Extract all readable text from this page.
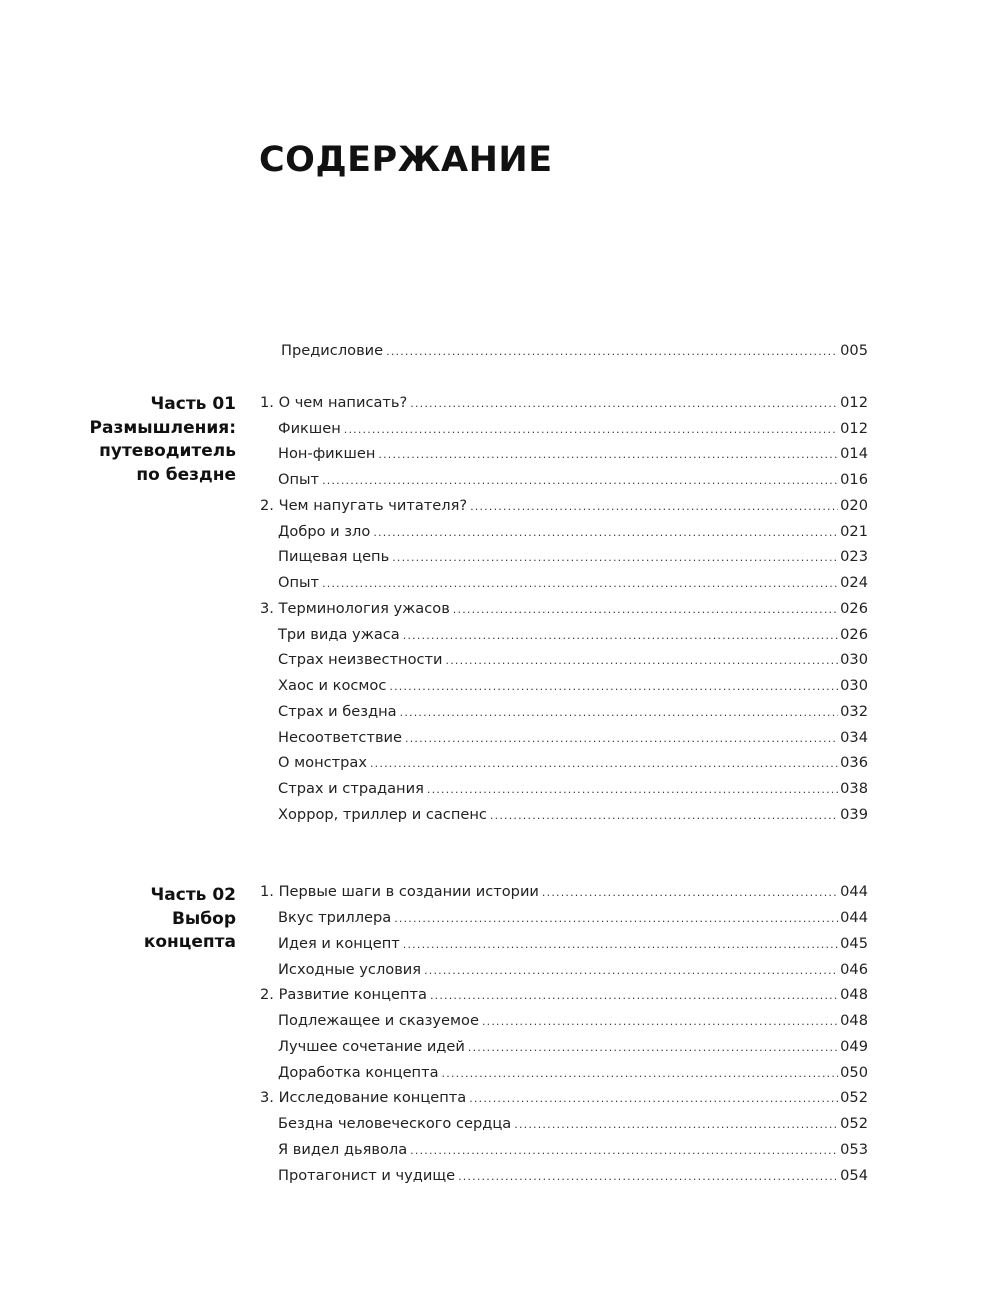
СОДЕРЖАНИЕ
Предисловие .....	005
Часть 01
Размышления:
путеводитель
по бездне
1. О чем написать? .....	012
Фикшен .....	012
Нон-фикшен .....	014
Опыт .....	016
2. Чем напугать читателя? .....	020
Добро и зло .....	021
Пищевая цепь .....	023
Опыт .....	024
3. Терминология ужасов .....	026
Три вида ужаса .....	026
Страх неизвестности .....	030
Хаос и космос .....	030
Страх и бездна .....	032
Несоответствие .....	034
О монстрах .....	036
Страх и страдания .....	038
Хоррор, триллер и саспенс .....	039
Часть 02
Выбор
концепта
1. Первые шаги в создании истории .....	044
Вкус триллера .....	044
Идея и концепт .....	045
Исходные условия .....	046
2. Развитие концепта .....	048
Подлежащее и сказуемое .....	048
Лучшее сочетание идей .....	049
Доработка концепта .....	050
3. Исследование концепта .....	052
Бездна человеческого сердца .....	052
Я видел дьявола .....	053
Протагонист и чудище .....	054
